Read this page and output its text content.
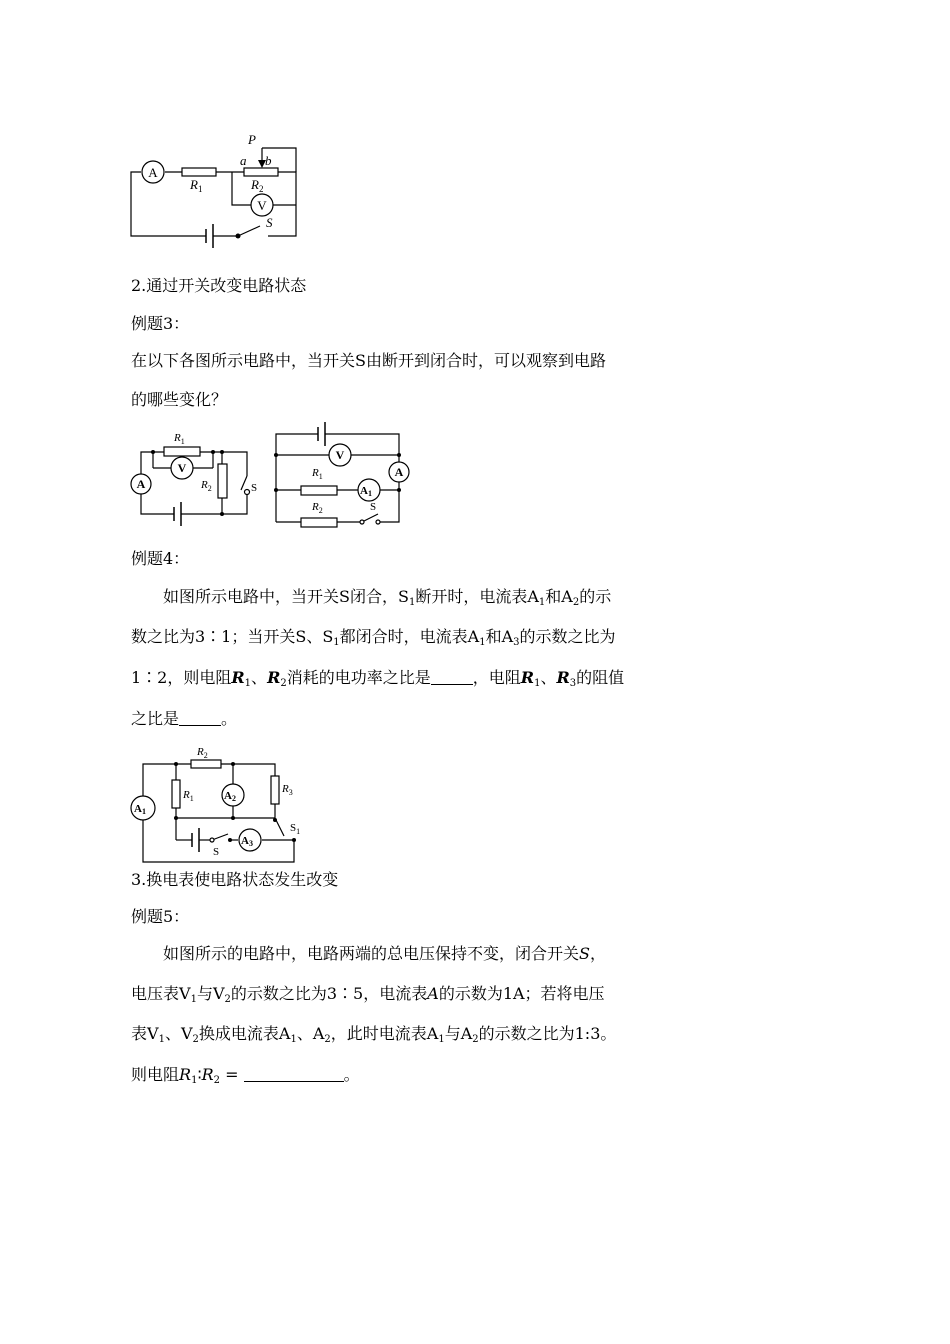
A
V
$R_1$	$R_2$
P
a b
S
2.通过开关改变电路状态
例题3：
在以下各图所示电路中，当开关S由断开到闭合时，可以观察到电路
的哪些变化？
A
V
$R_1$
$R_2$	S
V
A
A1
$R_1$
$R_2$	S
例题4：
如图所示电路中，当开关S闭合，$S_1$断开时，电流表$A_1$和$A_2$的示
数之比为3∶1；当开关S、$S_1$都闭合时，电流表$A_1$和$A_3$的示数之比为
1∶2，则电阻$R_1$、$R_2$消耗的电功率之比是	，电阻$R_1$、$R_3$的阻值
之比是	。
A1
A2
A3
$R_2$
$R_1$
$R_3$
S
$S_1$
3.换电表使电路状态发生改变
例题5：
如图所示的电路中，电路两端的总电压保持不变，闭合开关S，
电压表$V_1$与$V_2$的示数之比为3∶5，电流表A的示数为1A；若将电压
表$V_1$、$V_2$换成电流表$A_1$、$A_2$，此时电流表$A_1$与$A_2$的示数之比为1:3。
则电阻$R_1∶R_2$ =	。
